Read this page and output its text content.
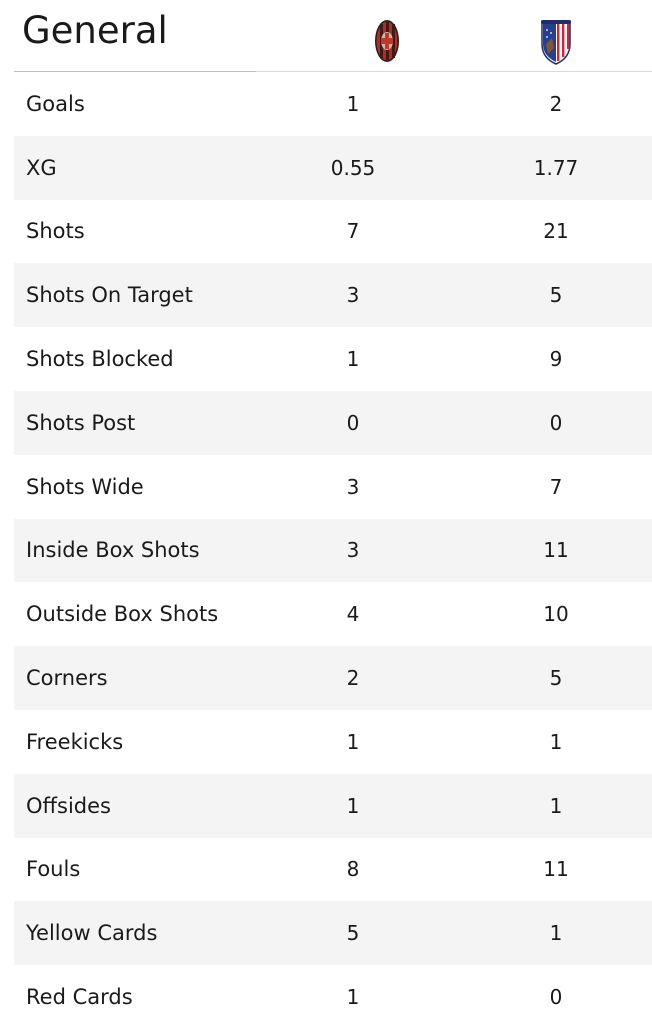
General
Goals	1	2
XG	0.55	1.77
Shots	7	21
Shots On Target	3	5
Shots Blocked	1	9
Shots Post	0	0
Shots Wide	3	7
Inside Box Shots	3	11
Outside Box Shots	4	10
Corners	2	5
Freekicks	1	1
Offsides	1	1
Fouls	8	11
Yellow Cards	5	1
Red Cards	1	0
